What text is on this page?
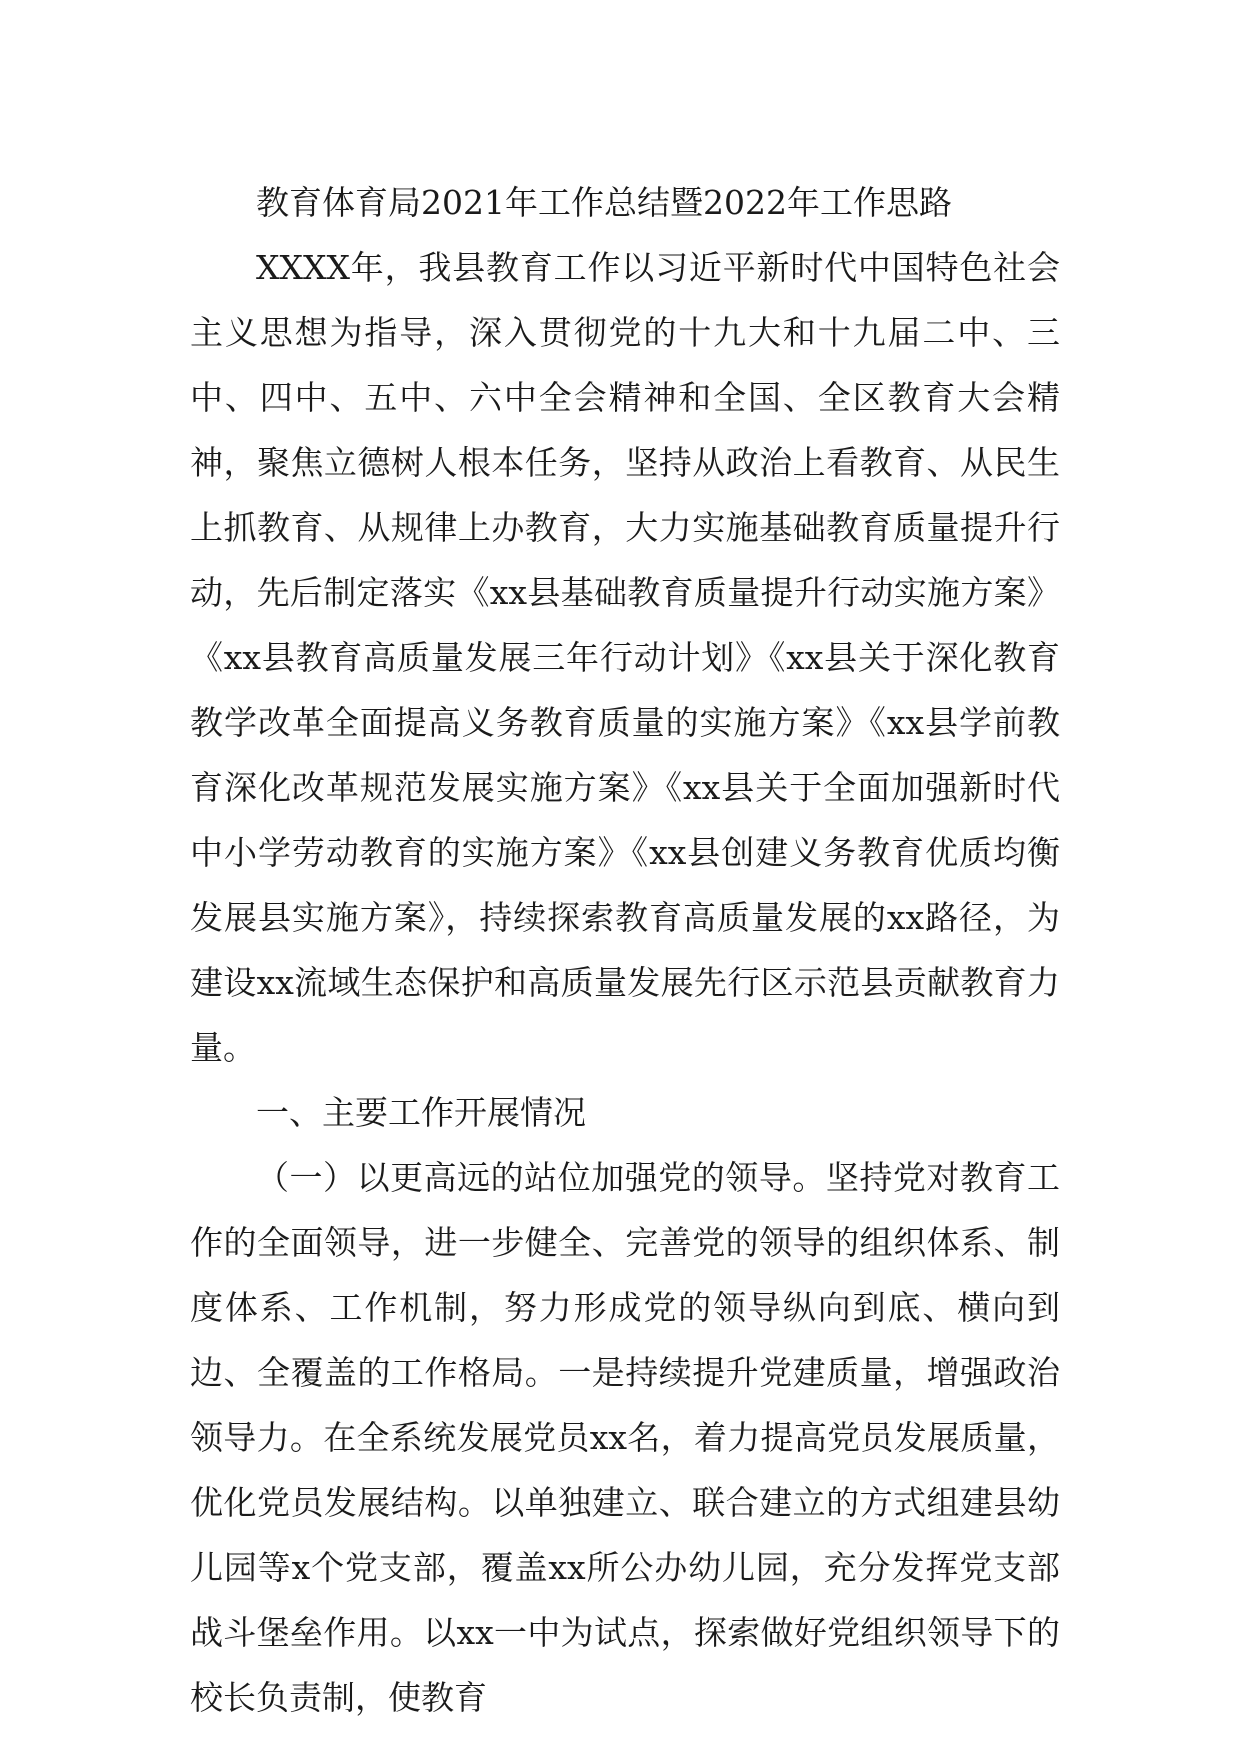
教育体育局2021年工作总结暨2022年工作思路

XXXX年，我县教育工作以习近平新时代中国特色社会主义思想为指导，深入贯彻党的十九大和十九届二中、三中、四中、五中、六中全会精神和全国、全区教育大会精神，聚焦立德树人根本任务，坚持从政治上看教育、从民生上抓教育、从规律上办教育，大力实施基础教育质量提升行动，先后制定落实《xx县基础教育质量提升行动实施方案》《xx县教育高质量发展三年行动计划》《xx县关于深化教育教学改革全面提高义务教育质量的实施方案》《xx县学前教育深化改革规范发展实施方案》《xx县关于全面加强新时代中小学劳动教育的实施方案》《xx县创建义务教育优质均衡发展县实施方案》，持续探索教育高质量发展的xx路径，为建设xx流域生态保护和高质量发展先行区示范县贡献教育力量。

一、主要工作开展情况

（一）以更高远的站位加强党的领导。坚持党对教育工作的全面领导，进一步健全、完善党的领导的组织体系、制度体系、工作机制，努力形成党的领导纵向到底、横向到边、全覆盖的工作格局。一是持续提升党建质量，增强政治领导力。在全系统发展党员xx名，着力提高党员发展质量，优化党员发展结构。以单独建立、联合建立的方式组建县幼儿园等x个党支部，覆盖xx所公办幼儿园，充分发挥党支部战斗堡垒作用。以xx一中为试点，探索做好党组织领导下的校长负责制，使教育
